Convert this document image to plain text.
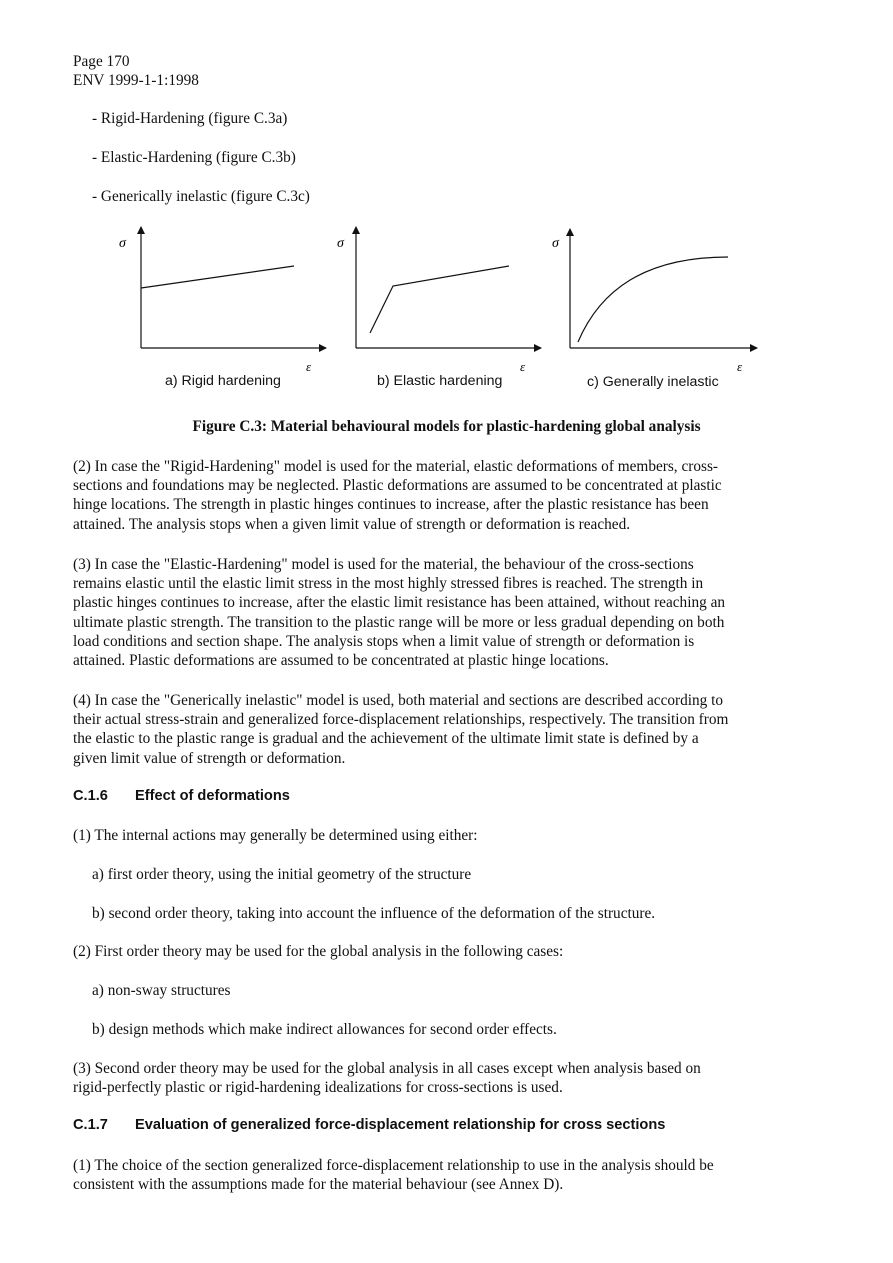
Page 170
ENV 1999-1-1:1998
- Rigid-Hardening (figure C.3a)
- Elastic-Hardening (figure C.3b)
- Generically inelastic (figure C.3c)
σ
ε
σ
ε
σ
ε
a) Rigid hardening	b) Elastic hardening	c) Generally inelastic
Figure C.3: Material behavioural models for plastic-hardening global analysis
(2) In case the "Rigid-Hardening" model is used for the material, elastic deformations of members, cross-
sections and foundations may be neglected. Plastic deformations are assumed to be concentrated at plastic
hinge locations. The strength in plastic hinges continues to increase, after the plastic resistance has been
attained. The analysis stops when a given limit value of strength or deformation is reached.
(3) In case the "Elastic-Hardening" model is used for the material, the behaviour of the cross-sections
remains elastic until the elastic limit stress in the most highly stressed fibres is reached. The strength in
plastic hinges continues to increase, after the elastic limit resistance has been attained, without reaching an
ultimate plastic strength. The transition to the plastic range will be more or less gradual depending on both
load conditions and section shape. The analysis stops when a limit value of strength or deformation is
attained. Plastic deformations are assumed to be concentrated at plastic hinge locations.
(4) In case the "Generically inelastic" model is used, both material and sections are described according to
their actual stress-strain and generalized force-displacement relationships, respectively. The transition from
the elastic to the plastic range is gradual and the achievement of the ultimate limit state is defined by a
given limit value of strength or deformation.
C.1.6 Effect of deformations
(1) The internal actions may generally be determined using either:
a) first order theory, using the initial geometry of the structure
b) second order theory, taking into account the influence of the deformation of the structure.
(2) First order theory may be used for the global analysis in the following cases:
a) non-sway structures
b) design methods which make indirect allowances for second order effects.
(3) Second order theory may be used for the global analysis in all cases except when analysis based on
rigid-perfectly plastic or rigid-hardening idealizations for cross-sections is used.
C.1.7 Evaluation of generalized force-displacement relationship for cross sections
(1) The choice of the section generalized force-displacement relationship to use in the analysis should be
consistent with the assumptions made for the material behaviour (see Annex D).
